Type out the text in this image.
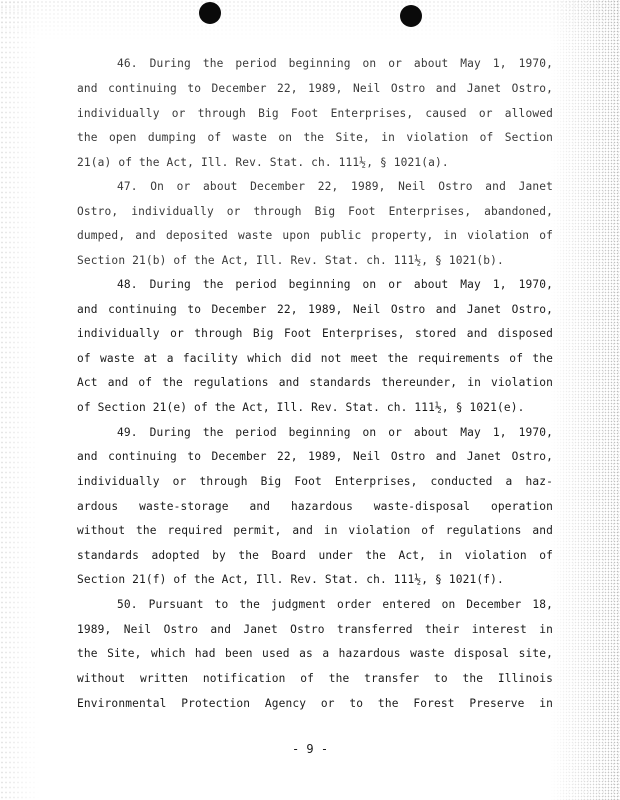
46. During the period beginning on or about May 1, 1970,
and continuing to December 22, 1989, Neil Ostro and Janet Ostro,
individually or through Big Foot Enterprises, caused or allowed
the open dumping of waste on the Site, in violation of Section
21(a) of the Act, Ill. Rev. Stat. ch. 111½, § 1021(a).
47. On or about December 22, 1989, Neil Ostro and Janet
Ostro, individually or through Big Foot Enterprises, abandoned,
dumped, and deposited waste upon public property, in violation of
Section 21(b) of the Act, Ill. Rev. Stat. ch. 111½, § 1021(b).
48. During the period beginning on or about May 1, 1970,
and continuing to December 22, 1989, Neil Ostro and Janet Ostro,
individually or through Big Foot Enterprises, stored and disposed
of waste at a facility which did not meet the requirements of the
Act and of the regulations and standards thereunder, in violation
of Section 21(e) of the Act, Ill. Rev. Stat. ch. 111½, § 1021(e).
49. During the period beginning on or about May 1, 1970,
and continuing to December 22, 1989, Neil Ostro and Janet Ostro,
individually or through Big Foot Enterprises, conducted a haz-
ardous waste-storage and hazardous waste-disposal operation
without the required permit, and in violation of regulations and
standards adopted by the Board under the Act, in violation of
Section 21(f) of the Act, Ill. Rev. Stat. ch. 111½, § 1021(f).
50. Pursuant to the judgment order entered on December 18,
1989, Neil Ostro and Janet Ostro transferred their interest in
the Site, which had been used as a hazardous waste disposal site,
without written notification of the transfer to the Illinois
Environmental Protection Agency or to the Forest Preserve in
- 9 -
